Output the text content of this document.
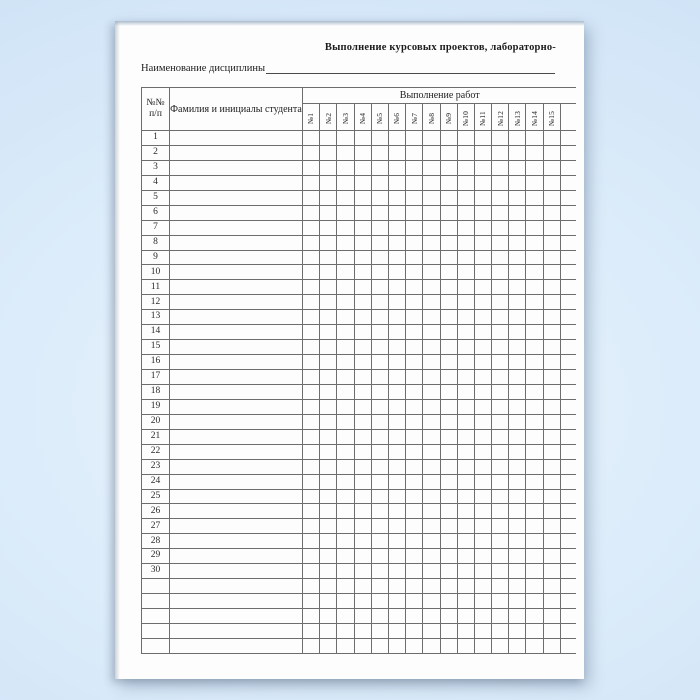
Выполнение курсовых проектов, лабораторно-
Наименование дисциплины
№№
п/п	Фамилия и инициалы студента	Выполнение работ															
		№1	№2	№3	№4	№5	№6	№7	№8	№9	№10	№11	№12	№13	№14	№15	
1																	
2																	
3																	
4																	
5																	
6																	
7																	
8																	
9																	
10																	
11																	
12																	
13																	
14																	
15																	
16																	
17																	
18																	
19																	
20																	
21																	
22																	
23																	
24																	
25																	
26																	
27																	
28																	
29																	
30																	
